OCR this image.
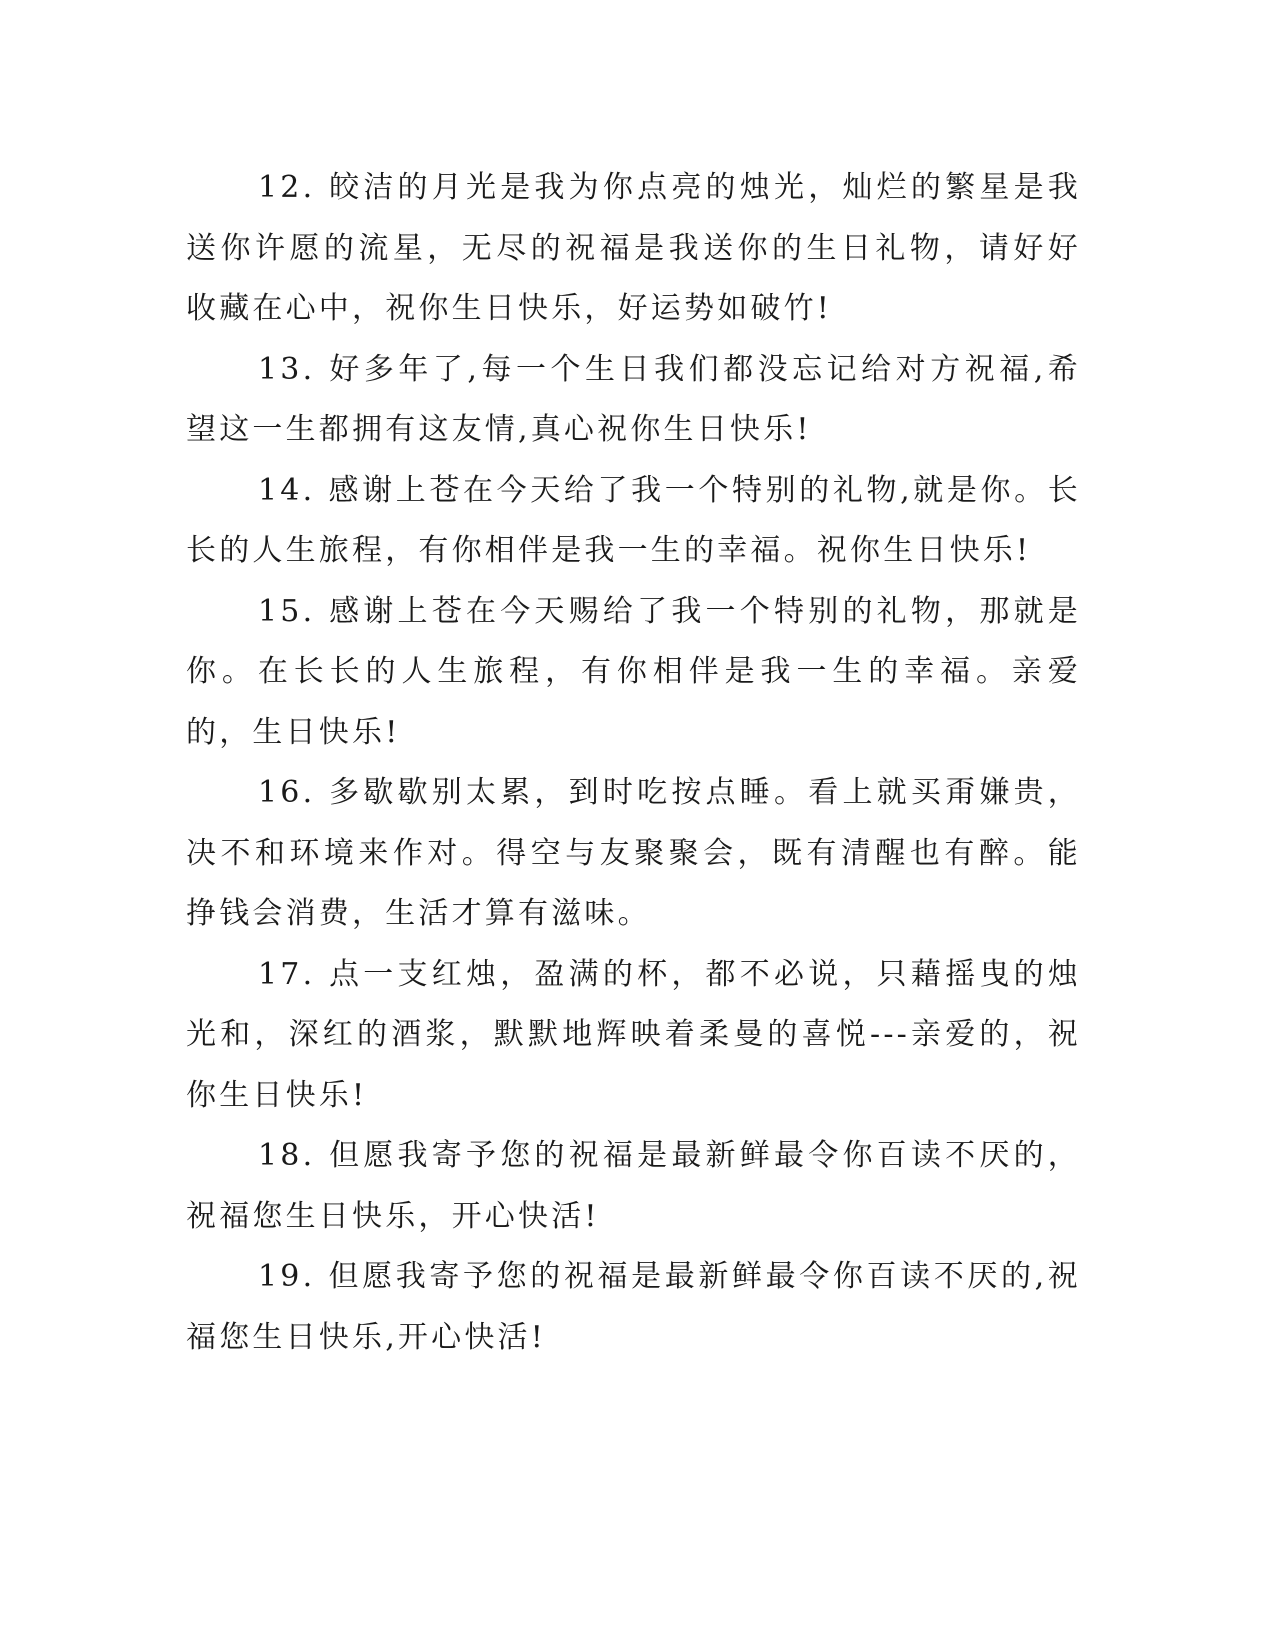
12. 皎洁的月光是我为你点亮的烛光，灿烂的繁星是我送你许愿的流星，无尽的祝福是我送你的生日礼物，请好好收藏在心中，祝你生日快乐，好运势如破竹!

13. 好多年了,每一个生日我们都没忘记给对方祝福,希望这一生都拥有这友情,真心祝你生日快乐!

14. 感谢上苍在今天给了我一个特别的礼物,就是你。长长的人生旅程，有你相伴是我一生的幸福。祝你生日快乐!

15. 感谢上苍在今天赐给了我一个特别的礼物，那就是你。在长长的人生旅程，有你相伴是我一生的幸福。亲爱的，生日快乐!

16. 多歇歇别太累，到时吃按点睡。看上就买甭嫌贵，决不和环境来作对。得空与友聚聚会，既有清醒也有醉。能挣钱会消费，生活才算有滋味。

17. 点一支红烛，盈满的杯，都不必说，只藉摇曳的烛光和，深红的酒浆，默默地辉映着柔曼的喜悦---亲爱的，祝你生日快乐!

18. 但愿我寄予您的祝福是最新鲜最令你百读不厌的，祝福您生日快乐，开心快活!

19. 但愿我寄予您的祝福是最新鲜最令你百读不厌的,祝福您生日快乐,开心快活!
